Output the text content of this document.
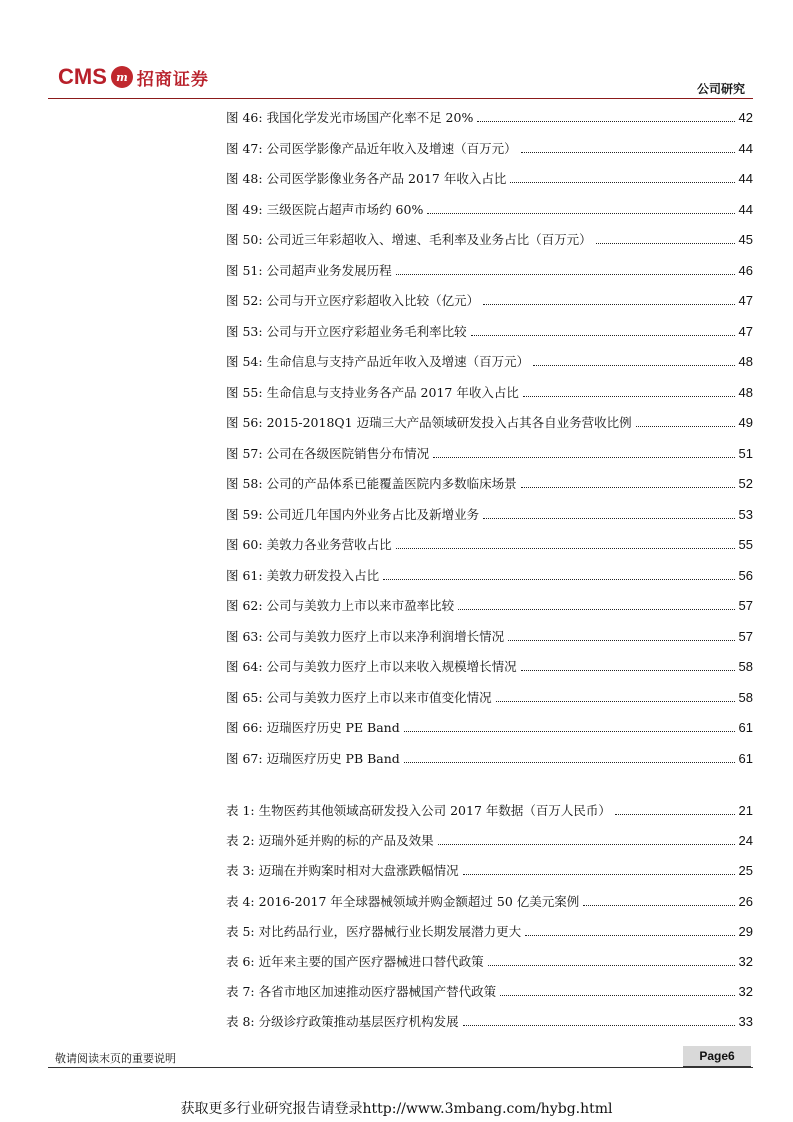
CMS m 招商证券	公司研究
图 46: 我国化学发光市场国产化率不足 20%	42
图 47: 公司医学影像产品近年收入及增速（百万元）	44
图 48: 公司医学影像业务各产品 2017 年收入占比	44
图 49: 三级医院占超声市场约 60%	44
图 50: 公司近三年彩超收入、增速、毛利率及业务占比（百万元）	45
图 51: 公司超声业务发展历程	46
图 52: 公司与开立医疗彩超收入比较（亿元）	47
图 53: 公司与开立医疗彩超业务毛利率比较	47
图 54: 生命信息与支持产品近年收入及增速（百万元）	48
图 55: 生命信息与支持业务各产品 2017 年收入占比	48
图 56: 2015-2018Q1 迈瑞三大产品领域研发投入占其各自业务营收比例	49
图 57: 公司在各级医院销售分布情况	51
图 58: 公司的产品体系已能覆盖医院内多数临床场景	52
图 59: 公司近几年国内外业务占比及新增业务	53
图 60: 美敦力各业务营收占比	55
图 61: 美敦力研发投入占比	56
图 62: 公司与美敦力上市以来市盈率比较	57
图 63: 公司与美敦力医疗上市以来净利润增长情况	57
图 64: 公司与美敦力医疗上市以来收入规模增长情况	58
图 65: 公司与美敦力医疗上市以来市值变化情况	58
图 66: 迈瑞医疗历史 PE Band	61
图 67: 迈瑞医疗历史 PB Band	61
表 1: 生物医药其他领域高研发投入公司 2017 年数据（百万人民币）	21
表 2: 迈瑞外延并购的标的产品及效果	24
表 3: 迈瑞在并购案时相对大盘涨跌幅情况	25
表 4: 2016-2017 年全球器械领域并购金额超过 50 亿美元案例	26
表 5: 对比药品行业，医疗器械行业长期发展潜力更大	29
表 6: 近年来主要的国产医疗器械进口替代政策	32
表 7: 各省市地区加速推动医疗器械国产替代政策	32
表 8: 分级诊疗政策推动基层医疗机构发展	33
敬请阅读末页的重要说明	Page6
获取更多行业研究报告请登录http://www.3mbang.com/hybg.html
